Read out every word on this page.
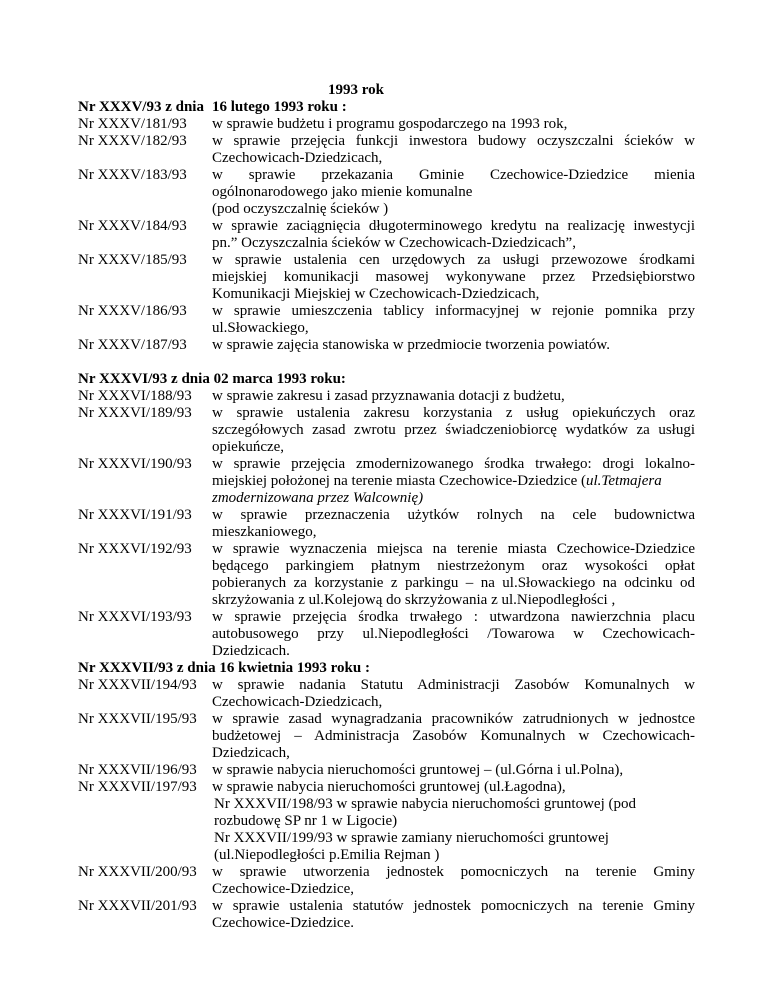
1993 rok
Nr XXXV/93 z dnia 16 lutego 1993 roku :
Nr XXXV/181/93 w sprawie budżetu i programu gospodarczego na 1993 rok,
Nr XXXV/182/93 w sprawie przejęcia funkcji inwestora budowy oczyszczalni ścieków w
Czechowicach-Dziedzicach,
Nr XXXV/183/93 w sprawie przekazania Gminie Czechowice-Dziedzice mienia
ogólnonarodowego jako mienie komunalne
(pod oczyszczalnię ścieków )
Nr XXXV/184/93 w sprawie zaciągnięcia długoterminowego kredytu na realizację inwestycji
pn.” Oczyszczalnia ścieków w Czechowicach-Dziedzicach”,
Nr XXXV/185/93 w sprawie ustalenia cen urzędowych za usługi przewozowe środkami
miejskiej komunikacji masowej wykonywane przez Przedsiębiorstwo
Komunikacji Miejskiej w Czechowicach-Dziedzicach,
Nr XXXV/186/93 w sprawie umieszczenia tablicy informacyjnej w rejonie pomnika przy
ul.Słowackiego,
Nr XXXV/187/93 w sprawie zajęcia stanowiska w przedmiocie tworzenia powiatów.
Nr XXXVI/93 z dnia 02 marca 1993 roku:
Nr XXXVI/188/93 w sprawie zakresu i zasad przyznawania dotacji z budżetu,
Nr XXXVI/189/93 w sprawie ustalenia zakresu korzystania z usług opiekuńczych oraz
szczegółowych zasad zwrotu przez świadczeniobiorcę wydatków za usługi
opiekuńcze,
Nr XXXVI/190/93 w sprawie przejęcia zmodernizowanego środka trwałego: drogi lokalno-
miejskiej położonej na terenie miasta Czechowice-Dziedzice (ul.Tetmajera
zmodernizowana przez Walcownię)
Nr XXXVI/191/93 w sprawie przeznaczenia użytków rolnych na cele budownictwa
mieszkaniowego,
Nr XXXVI/192/93 w sprawie wyznaczenia miejsca na terenie miasta Czechowice-Dziedzice
będącego parkingiem płatnym niestrzeżonym oraz wysokości opłat
pobieranych za korzystanie z parkingu – na ul.Słowackiego na odcinku od
skrzyżowania z ul.Kolejową do skrzyżowania z ul.Niepodległości ,
Nr XXXVI/193/93 w sprawie przejęcia środka trwałego : utwardzona nawierzchnia placu
autobusowego przy ul.Niepodległości /Towarowa w Czechowicach-
Dziedzicach.
Nr XXXVII/93 z dnia 16 kwietnia 1993 roku :
Nr XXXVII/194/93 w sprawie nadania Statutu Administracji Zasobów Komunalnych w
Czechowicach-Dziedzicach,
Nr XXXVII/195/93 w sprawie zasad wynagradzania pracowników zatrudnionych w jednostce
budżetowej – Administracja Zasobów Komunalnych w Czechowicach-
Dziedzicach,
Nr XXXVII/196/93 w sprawie nabycia nieruchomości gruntowej – (ul.Górna i ul.Polna),
Nr XXXVII/197/93 w sprawie nabycia nieruchomości gruntowej (ul.Łagodna),
Nr XXXVII/198/93 w sprawie nabycia nieruchomości gruntowej (pod
rozbudowę SP nr 1 w Ligocie)
Nr XXXVII/199/93 w sprawie zamiany nieruchomości gruntowej
(ul.Niepodległości p.Emilia Rejman )
Nr XXXVII/200/93 w sprawie utworzenia jednostek pomocniczych na terenie Gminy
Czechowice-Dziedzice,
Nr XXXVII/201/93 w sprawie ustalenia statutów jednostek pomocniczych na terenie Gminy
Czechowice-Dziedzice.
